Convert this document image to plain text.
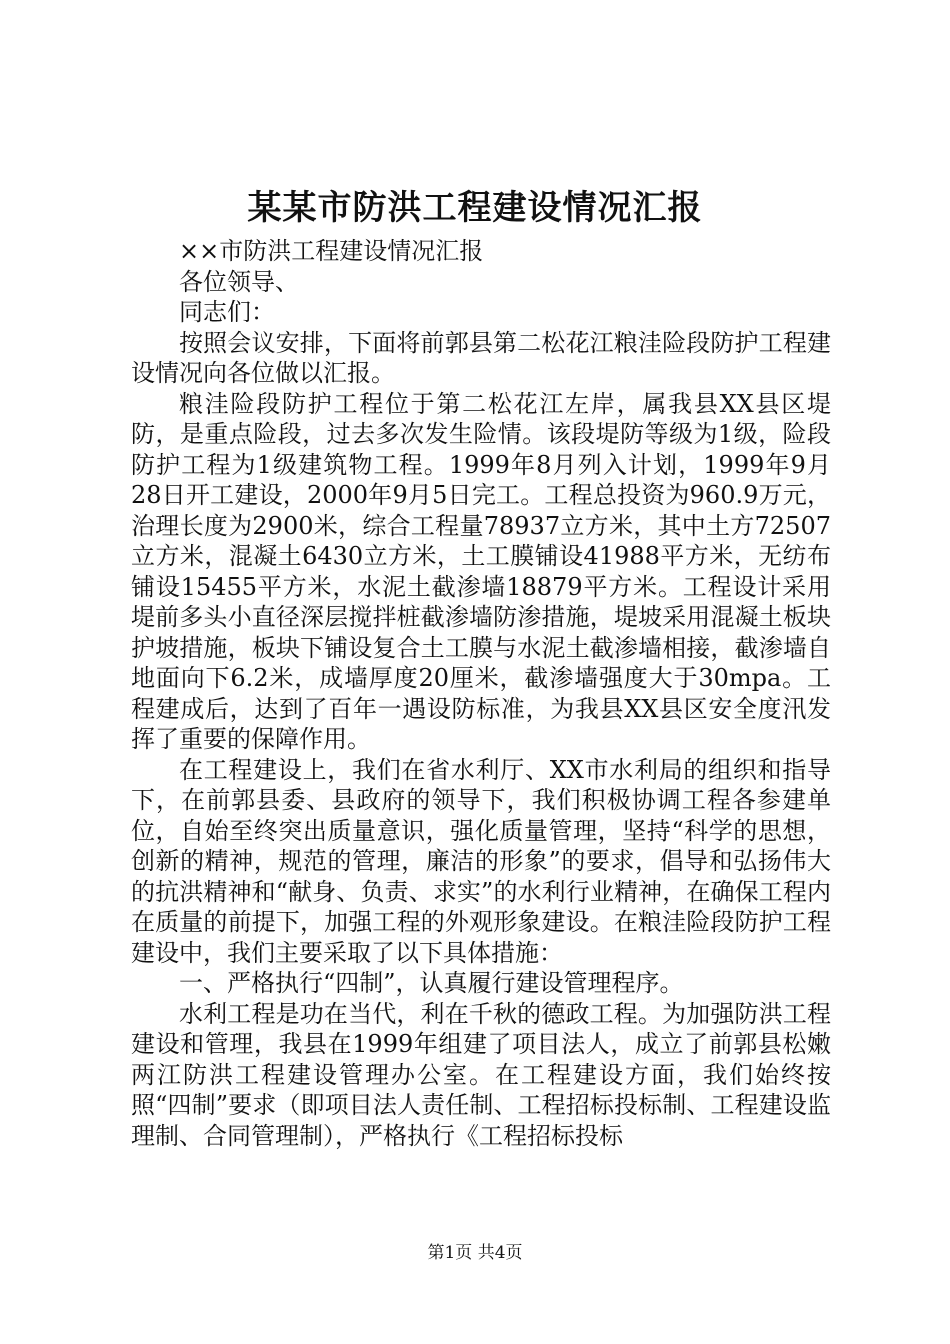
某某市防洪工程建设情况汇报

××市防洪工程建设情况汇报

各位领导、

同志们：

按照会议安排，下面将前郭县第二松花江粮洼险段防护工程建设情况向各位做以汇报。

粮洼险段防护工程位于第二松花江左岸，属我县XX县区堤防，是重点险段，过去多次发生险情。该段堤防等级为1级，险段防护工程为1级建筑物工程。1999年8月列入计划，1999年9月28日开工建设，2000年9月5日完工。工程总投资为960.9万元，治理长度为2900米，综合工程量78937立方米，其中土方72507立方米，混凝土6430立方米，土工膜铺设41988平方米，无纺布铺设15455平方米，水泥土截渗墙18879平方米。工程设计采用堤前多头小直径深层搅拌桩截渗墙防渗措施，堤坡采用混凝土板块护坡措施，板块下铺设复合土工膜与水泥土截渗墙相接，截渗墙自地面向下6.2米，成墙厚度20厘米，截渗墙强度大于30mpa。工程建成后，达到了百年一遇设防标准，为我县XX县区安全度汛发挥了重要的保障作用。

在工程建设上，我们在省水利厅、XX市水利局的组织和指导下，在前郭县委、县政府的领导下，我们积极协调工程各参建单位，自始至终突出质量意识，强化质量管理，坚持“科学的思想，创新的精神，规范的管理，廉洁的形象”的要求，倡导和弘扬伟大的抗洪精神和“献身、负责、求实”的水利行业精神，在确保工程内在质量的前提下，加强工程的外观形象建设。在粮洼险段防护工程建设中，我们主要采取了以下具体措施：

一、严格执行“四制”，认真履行建设管理程序。

水利工程是功在当代，利在千秋的德政工程。为加强防洪工程建设和管理，我县在1999年组建了项目法人，成立了前郭县松嫩两江防洪工程建设管理办公室。在工程建设方面，我们始终按照“四制”要求（即项目法人责任制、工程招标投标制、工程建设监理制、合同管理制），严格执行《工程招标投标

第1页 共4页
